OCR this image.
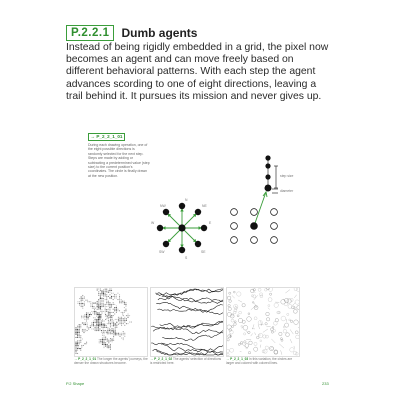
P.2.2.1	Dumb agents

Instead of being rigidly embedded in a grid, the pixel now becomes an agent and can move freely based on different behavioral patterns. With each step the agent advances scording to one of eight directions, leaving a trail behind it. It pursues its mission and never gives up.

→ P_2_2_1_01

During each drawing operation, one of the eight possible directions is randomly selected for the next step. Steps are made by adding or subtracting a predetermined value (step size) to the current position's coordinates. The circle is finally drawn at the new position.

NW
N
NE
W	E
SW
S
SE
step size
diameter

→ P_2_2_1_01 The longer the agents' journeys, the denser the drawn structures become.

→ P_2_2_1_02 The agents' selection of directions is restricted here.

→ P_2_2_1_03 In this variation, the circles are larger and colored with colored lines.

P.2 Shape	233
